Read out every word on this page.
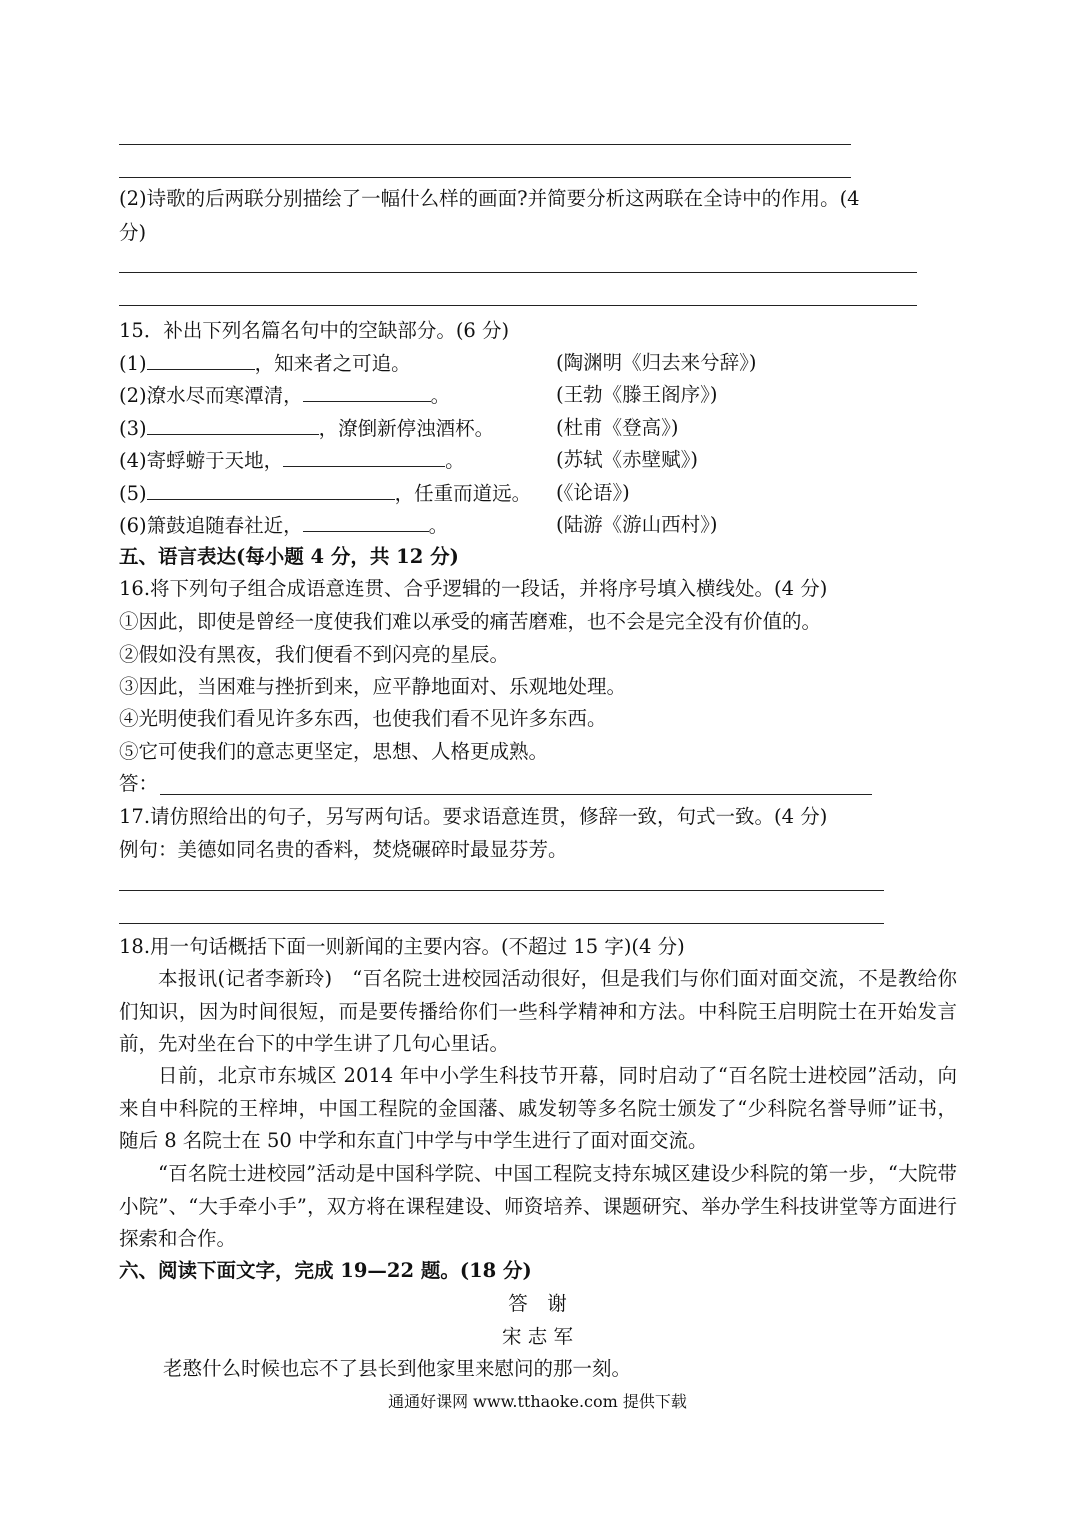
(2)诗歌的后两联分别描绘了一幅什么样的画面?并简要分析这两联在全诗中的作用。(4
分)
15．补出下列名篇名句中的空缺部分。(6 分)
(1)	，知来者之可追。	(陶渊明《归去来兮辞》)
(2)潦水尽而寒潭清，	。	(王勃《滕王阁序》)
(3)	，潦倒新停浊酒杯。	(杜甫《登高》)
(4)寄蜉蝣于天地，	。	(苏轼《赤壁赋》)
(5)	，任重而道远。 (《论语》)
(6)箫鼓追随春社近，	。	(陆游《游山西村》)
五、语言表达(每小题 4 分，共 12 分)
16.将下列句子组合成语意连贯、合乎逻辑的一段话，并将序号填入横线处。(4 分)
①因此，即使是曾经一度使我们难以承受的痛苦磨难，也不会是完全没有价值的。
②假如没有黑夜，我们便看不到闪亮的星辰。
③因此，当困难与挫折到来，应平静地面对、乐观地处理。
④光明使我们看见许多东西，也使我们看不见许多东西。
⑤它可使我们的意志更坚定，思想、人格更成熟。
答：
17.请仿照给出的句子，另写两句话。要求语意连贯，修辞一致，句式一致。(4 分)
例句：美德如同名贵的香料，焚烧碾碎时最显芬芳。
18.用一句话概括下面一则新闻的主要内容。(不超过 15 字)(4 分)
本报讯(记者李新玲)　“百名院士进校园活动很好，但是我们与你们面对面交流，不是教给你们知识，因为时间很短，而是要传播给你们一些科学精神和方法。中科院王启明院士在开始发言前，先对坐在台下的中学生讲了几句心里话。
日前，北京市东城区 2014 年中小学生科技节开幕，同时启动了“百名院士进校园”活动，向来自中科院的王梓坤，中国工程院的金国藩、戚发轫等多名院士颁发了“少科院名誉导师”证书，随后 8 名院士在 50 中学和东直门中学与中学生进行了面对面交流。
“百名院士进校园”活动是中国科学院、中国工程院支持东城区建设少科院的第一步，“大院带小院”、“大手牵小手”，双方将在课程建设、师资培养、课题研究、举办学生科技讲堂等方面进行探索和合作。
六、阅读下面文字，完成 19—22 题。(18 分)
答　谢
宋 志 军
老憨什么时候也忘不了县长到他家里来慰问的那一刻。
通通好课网 www.tthaoke.com 提供下载
